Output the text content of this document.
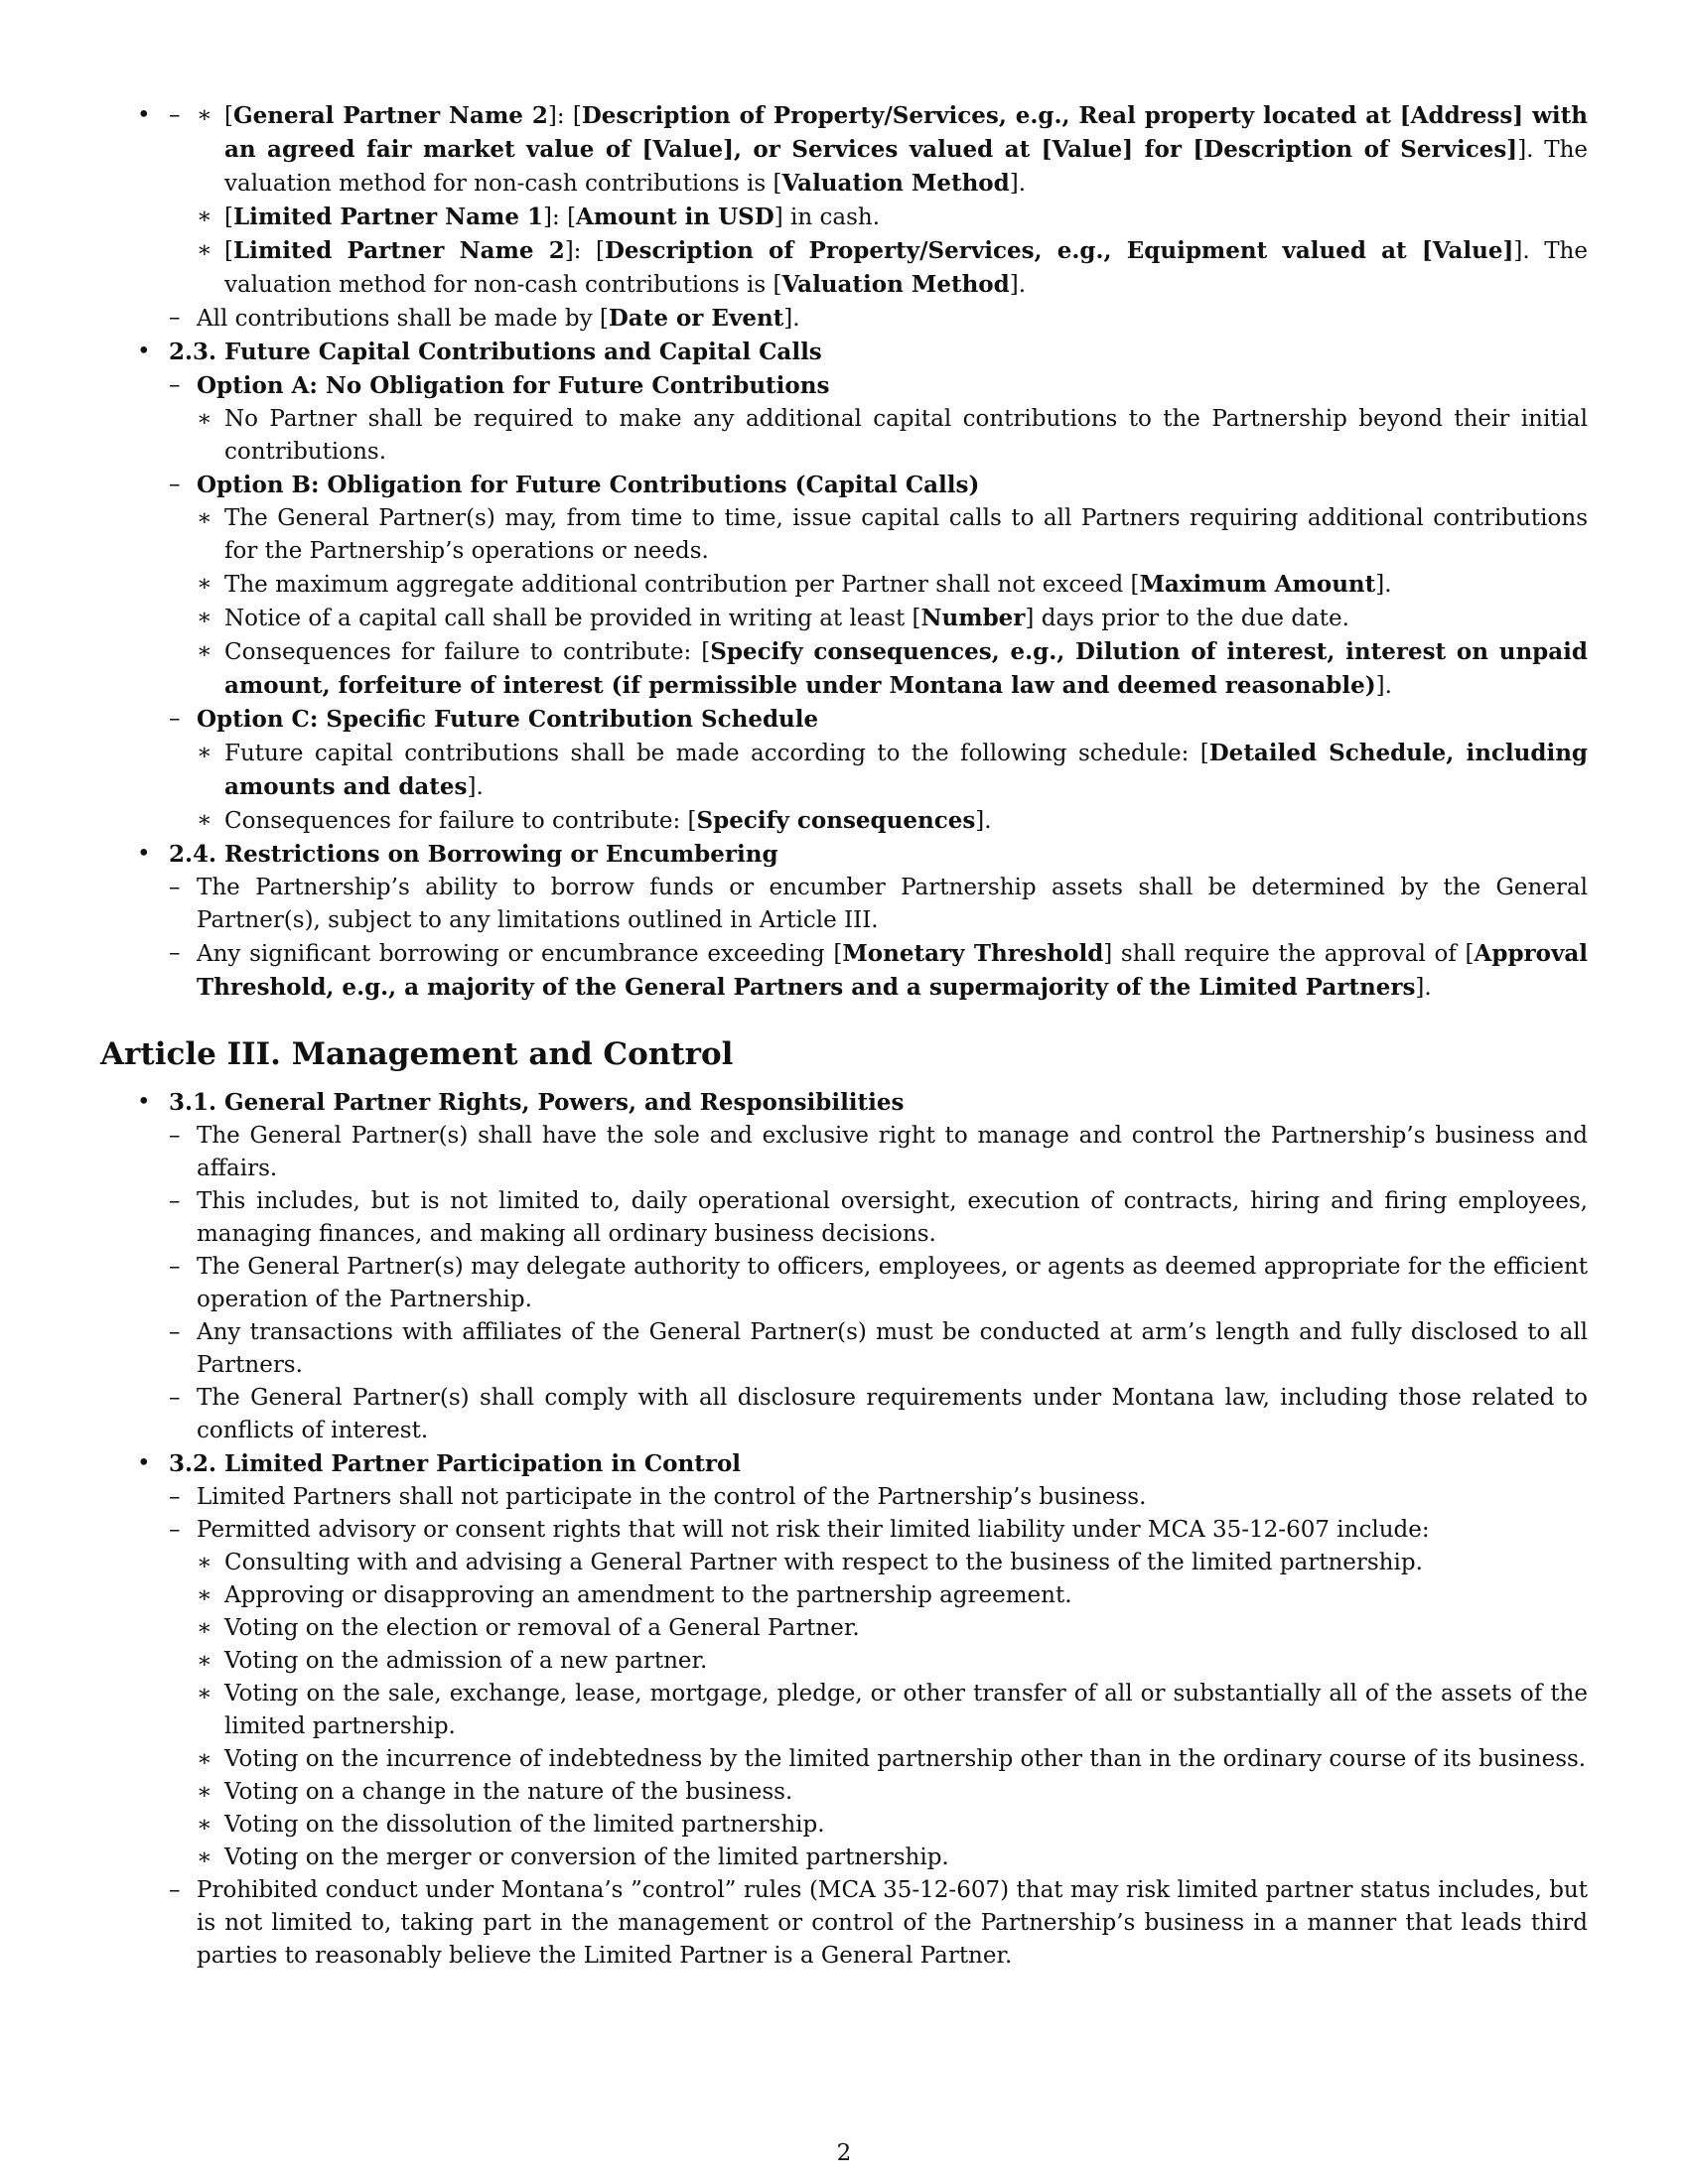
∗ – • [General Partner Name 2]: [Description of Property/Services, e.g., Real property located at [Address] with an agreed fair market value of [Value], or Services valued at [Value] for [Description of Services]]. The valuation method for non-cash contributions is [Valuation Method].
∗ [Limited Partner Name 1]: [Amount in USD] in cash.
∗ [Limited Partner Name 2]: [Description of Property/Services, e.g., Equipment valued at [Value]]. The valuation method for non-cash contributions is [Valuation Method].
– All contributions shall be made by [Date or Event].
• 2.3. Future Capital Contributions and Capital Calls
– Option A: No Obligation for Future Contributions
∗ No Partner shall be required to make any additional capital contributions to the Partnership beyond their initial contributions.
– Option B: Obligation for Future Contributions (Capital Calls)
∗ The General Partner(s) may, from time to time, issue capital calls to all Partners requiring additional contributions for the Partnership’s operations or needs.
∗ The maximum aggregate additional contribution per Partner shall not exceed [Maximum Amount].
∗ Notice of a capital call shall be provided in writing at least [Number] days prior to the due date.
∗ Consequences for failure to contribute: [Specify consequences, e.g., Dilution of interest, interest on unpaid amount, forfeiture of interest (if permissible under Montana law and deemed reasonable)].
– Option C: Specific Future Contribution Schedule
∗ Future capital contributions shall be made according to the following schedule: [Detailed Schedule, including amounts and dates].
∗ Consequences for failure to contribute: [Specify consequences].
• 2.4. Restrictions on Borrowing or Encumbering
– The Partnership’s ability to borrow funds or encumber Partnership assets shall be determined by the General Partner(s), subject to any limitations outlined in Article III.
– Any significant borrowing or encumbrance exceeding [Monetary Threshold] shall require the approval of [Approval Threshold, e.g., a majority of the General Partners and a supermajority of the Limited Partners].
Article III. Management and Control
• 3.1. General Partner Rights, Powers, and Responsibilities
– The General Partner(s) shall have the sole and exclusive right to manage and control the Partnership’s business and affairs.
– This includes, but is not limited to, daily operational oversight, execution of contracts, hiring and firing employees, managing finances, and making all ordinary business decisions.
– The General Partner(s) may delegate authority to officers, employees, or agents as deemed appropriate for the efficient operation of the Partnership.
– Any transactions with affiliates of the General Partner(s) must be conducted at arm’s length and fully disclosed to all Partners.
– The General Partner(s) shall comply with all disclosure requirements under Montana law, including those related to conflicts of interest.
• 3.2. Limited Partner Participation in Control
– Limited Partners shall not participate in the control of the Partnership’s business.
– Permitted advisory or consent rights that will not risk their limited liability under MCA 35-12-607 include:
∗ Consulting with and advising a General Partner with respect to the business of the limited partnership.
∗ Approving or disapproving an amendment to the partnership agreement.
∗ Voting on the election or removal of a General Partner.
∗ Voting on the admission of a new partner.
∗ Voting on the sale, exchange, lease, mortgage, pledge, or other transfer of all or substantially all of the assets of the limited partnership.
∗ Voting on the incurrence of indebtedness by the limited partnership other than in the ordinary course of its business.
∗ Voting on a change in the nature of the business.
∗ Voting on the dissolution of the limited partnership.
∗ Voting on the merger or conversion of the limited partnership.
– Prohibited conduct under Montana’s ”control” rules (MCA 35-12-607) that may risk limited partner status includes, but is not limited to, taking part in the management or control of the Partnership’s business in a manner that leads third parties to reasonably believe the Limited Partner is a General Partner.
2
